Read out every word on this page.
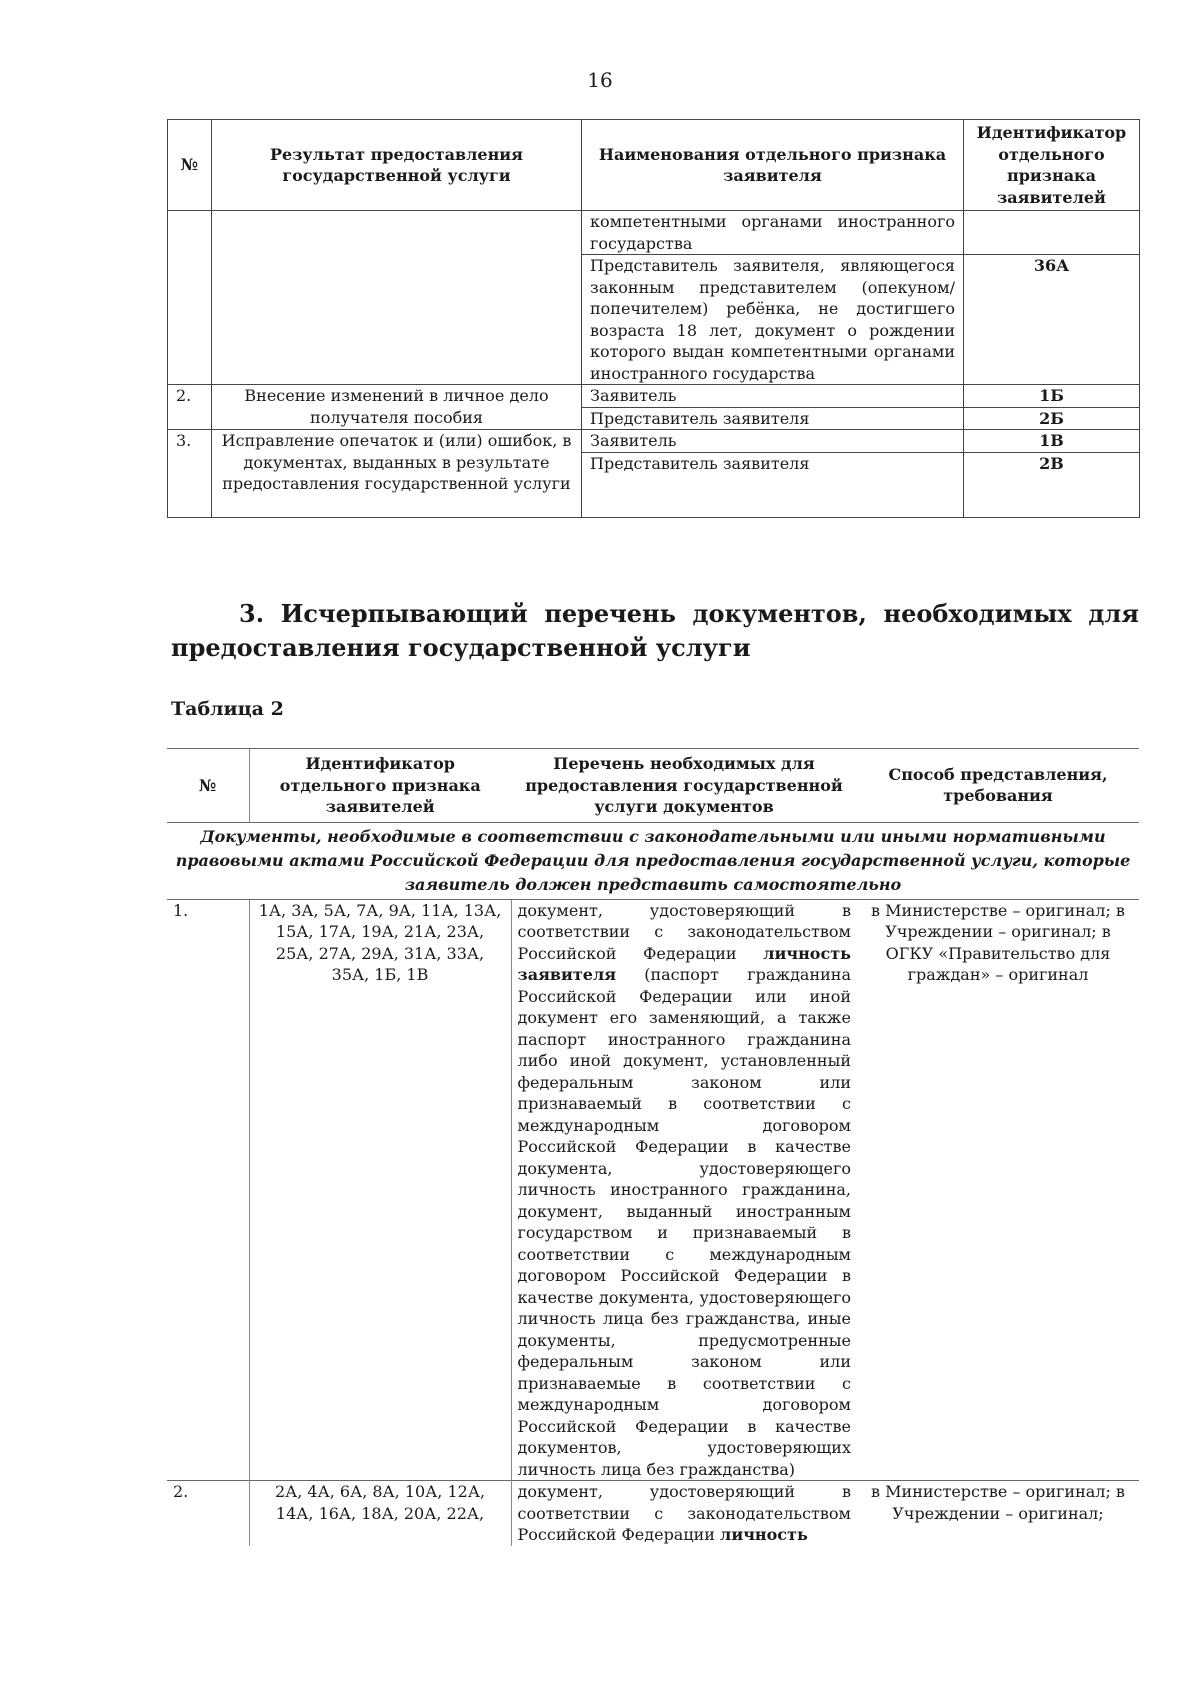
16
№	Результат предоставления государственной услуги	Наименования отдельного признака заявителя	Идентификатор отдельного признака заявителей
		компетентными органами иностранного государства	
		Представитель заявителя, являющегося законным представителем (опекуном/попечителем) ребёнка, не достигшего возраста 18 лет, документ о рождении которого выдан компетентными органами иностранного государства	36А
2.	Внесение изменений в личное дело получателя пособия	Заявитель	1Б
		Представитель заявителя	2Б
3.	Исправление опечаток и (или) ошибок, в документах, выданных в результате предоставления государственной услуги	Заявитель	1В
		Представитель заявителя	2В
3. Исчерпывающий перечень документов, необходимых для
предоставления государственной услуги
Таблица 2
№	Идентификатор отдельного признака заявителей	Перечень необходимых для предоставления государственной услуги документов	Способ представления, требования
Документы, необходимые в соответствии с законодательными или иными нормативными правовыми актами Российской Федерации для предоставления государственной услуги, которые заявитель должен представить самостоятельно			
1.	1А, 3А, 5А, 7А, 9А, 11А, 13А, 15А, 17А, 19А, 21А, 23А, 25А, 27А, 29А, 31А, 33А, 35А, 1Б, 1В	документ, удостоверяющий в соответствии с законодательством Российской Федерации личность заявителя (паспорт гражданина Российской Федерации или иной документ его заменяющий, а также паспорт иностранного гражданина либо иной документ, установленный федеральным законом или признаваемый в соответствии с международным договором Российской Федерации в качестве документа, удостоверяющего личность иностранного гражданина, документ, выданный иностранным государством и признаваемый в соответствии с международным договором Российской Федерации в качестве документа, удостоверяющего личность лица без гражданства, иные документы, предусмотренные федеральным законом или признаваемые в соответствии с международным договором Российской Федерации в качестве документов, удостоверяющих личность лица без гражданства)	в Министерстве – оригинал; в Учреждении – оригинал; в ОГКУ «Правительство для граждан» – оригинал
2.	2А, 4А, 6А, 8А, 10А, 12А, 14А, 16А, 18А, 20А, 22А,	документ, удостоверяющий в соответствии с законодательством Российской Федерации личность	в Министерстве – оригинал; в Учреждении – оригинал;
